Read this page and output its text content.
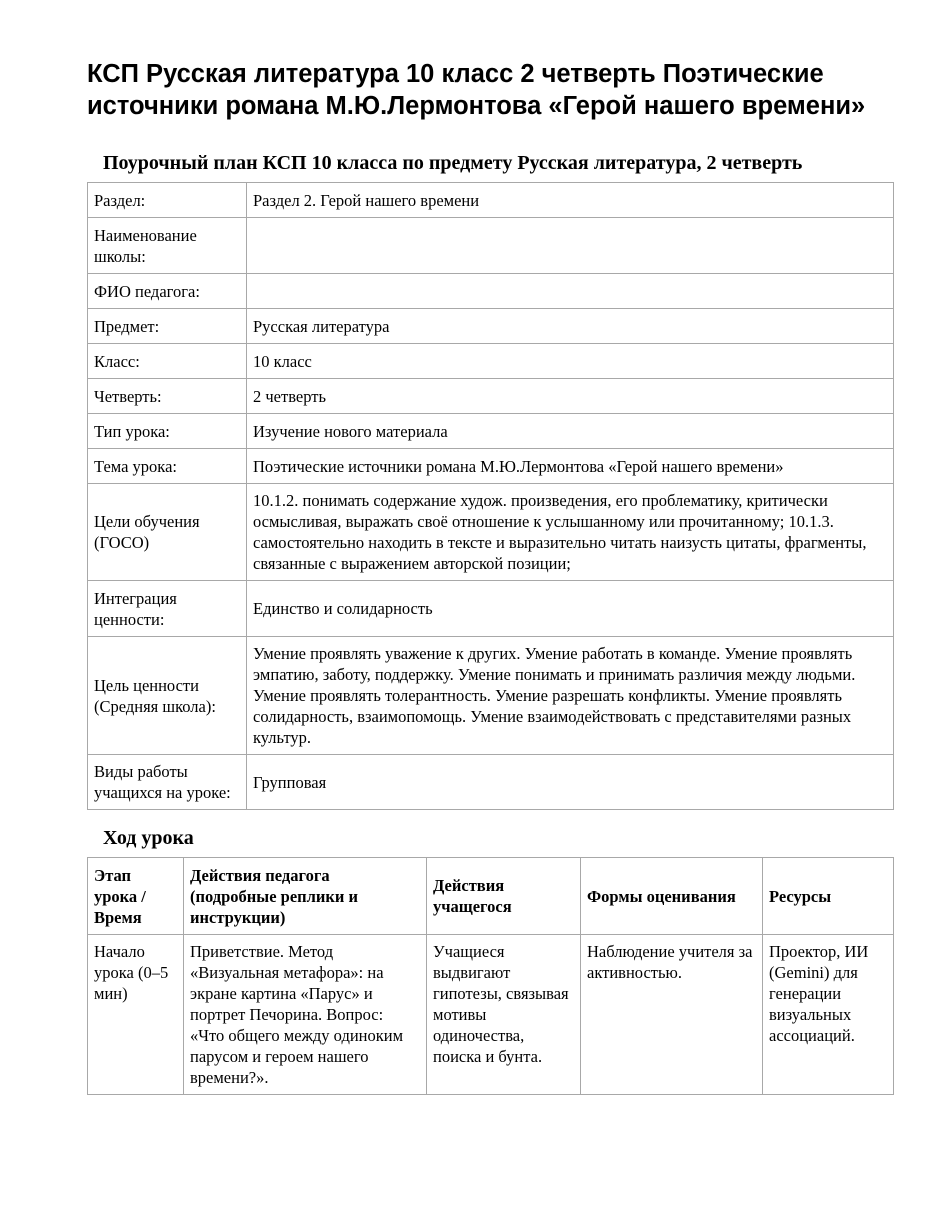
КСП Русская литература 10 класс 2 четверть Поэтические источники романа М.Ю.Лермонтова «Герой нашего времени»
Поурочный план КСП 10 класса по предмету Русская литература, 2 четверть
Раздел:	Раздел 2. Герой нашего времени
Наименование школы:	
ФИО педагога:	
Предмет:	Русская литература
Класс:	10 класс
Четверть:	2 четверть
Тип урока:	Изучение нового материала
Тема урока:	Поэтические источники романа М.Ю.Лермонтова «Герой нашего времени»
Цели обучения (ГОСО)	10.1.2. понимать содержание худож. произведения, его проблематику, критически осмысливая, выражать своё отношение к услышанному или прочитанному; 10.1.3. самостоятельно находить в тексте и выразительно читать наизусть цитаты, фрагменты, связанные с выражением авторской позиции;
Интеграция ценности:	Единство и солидарность
Цель ценности (Средняя школа):	Умение проявлять уважение к других. Умение работать в команде. Умение проявлять эмпатию, заботу, поддержку. Умение понимать и принимать различия между людьми. Умение проявлять толерантность. Умение разрешать конфликты. Умение проявлять солидарность, взаимопомощь. Умение взаимодействовать с представителями разных культур.
Виды работы учащихся на уроке:	Групповая
Ход урока
Этап урока / Время	Действия педагога (подробные реплики и инструкции)	Действия учащегося	Формы оценивания	Ресурсы
Начало урока (0–5 мин)	Приветствие. Метод «Визуальная метафора»: на экране картина «Парус» и портрет Печорина. Вопрос: «Что общего между одиноким парусом и героем нашего времени?».	Учащиеся выдвигают гипотезы, связывая мотивы одиночества, поиска и бунта.	Наблюдение учителя за активностью.	Проектор, ИИ (Gemini) для генерации визуальных ассоциаций.
